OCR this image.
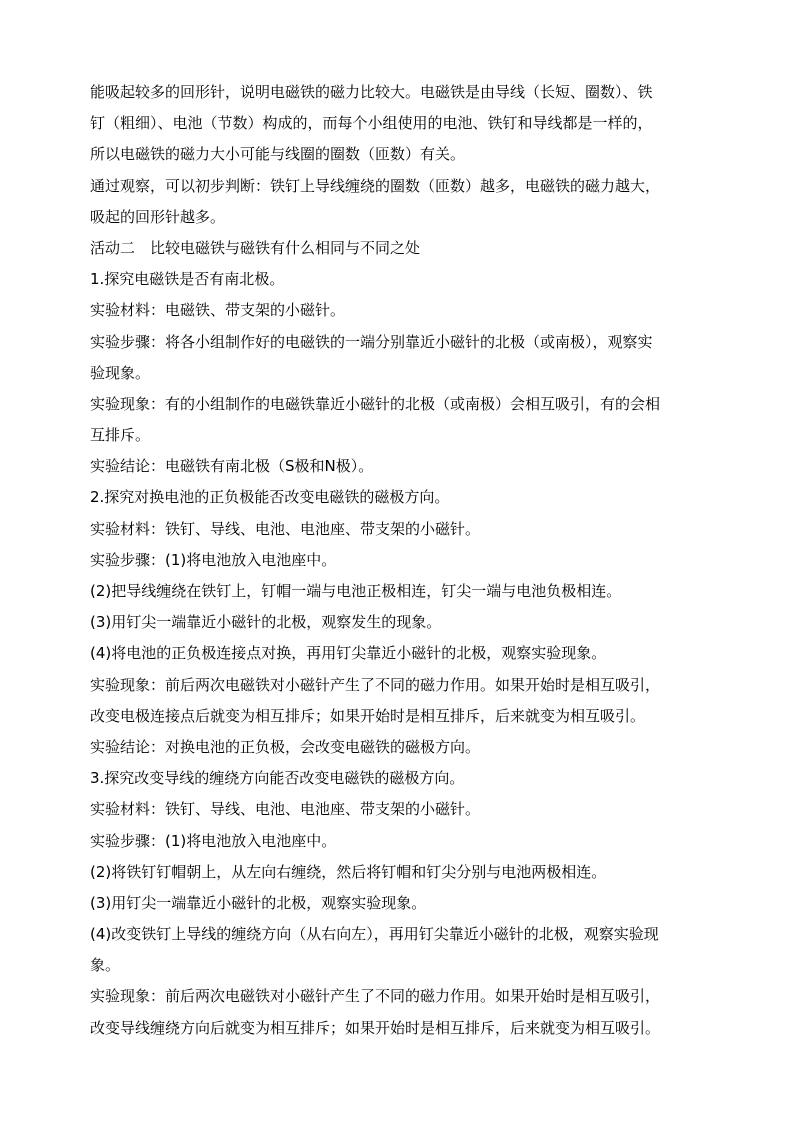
能吸起较多的回形针，说明电磁铁的磁力比较大。电磁铁是由导线（长短、圈数）、铁
钉（粗细）、电池（节数）构成的，而每个小组使用的电池、铁钉和导线都是一样的，
所以电磁铁的磁力大小可能与线圈的圈数（匝数）有关。
通过观察，可以初步判断：铁钉上导线缠绕的圈数（匝数）越多，电磁铁的磁力越大，
吸起的回形针越多。
活动二　比较电磁铁与磁铁有什么相同与不同之处
1.探究电磁铁是否有南北极。
实验材料：电磁铁、带支架的小磁针。
实验步骤：将各小组制作好的电磁铁的一端分别靠近小磁针的北极（或南极），观察实
验现象。
实验现象：有的小组制作的电磁铁靠近小磁针的北极（或南极）会相互吸引，有的会相
互排斥。
实验结论：电磁铁有南北极（S极和N极）。
2.探究对换电池的正负极能否改变电磁铁的磁极方向。
实验材料：铁钉、导线、电池、电池座、带支架的小磁针。
实验步骤：(1)将电池放入电池座中。
(2)把导线缠绕在铁钉上，钉帽一端与电池正极相连，钉尖一端与电池负极相连。
(3)用钉尖一端靠近小磁针的北极，观察发生的现象。
(4)将电池的正负极连接点对换，再用钉尖靠近小磁针的北极，观察实验现象。
实验现象：前后两次电磁铁对小磁针产生了不同的磁力作用。如果开始时是相互吸引，
改变电极连接点后就变为相互排斥；如果开始时是相互排斥，后来就变为相互吸引。
实验结论：对换电池的正负极，会改变电磁铁的磁极方向。
3.探究改变导线的缠绕方向能否改变电磁铁的磁极方向。
实验材料：铁钉、导线、电池、电池座、带支架的小磁针。
实验步骤：(1)将电池放入电池座中。
(2)将铁钉钉帽朝上，从左向右缠绕，然后将钉帽和钉尖分别与电池两极相连。
(3)用钉尖一端靠近小磁针的北极，观察实验现象。
(4)改变铁钉上导线的缠绕方向（从右向左），再用钉尖靠近小磁针的北极，观察实验现
象。
实验现象：前后两次电磁铁对小磁针产生了不同的磁力作用。如果开始时是相互吸引，
改变导线缠绕方向后就变为相互排斥；如果开始时是相互排斥，后来就变为相互吸引。
